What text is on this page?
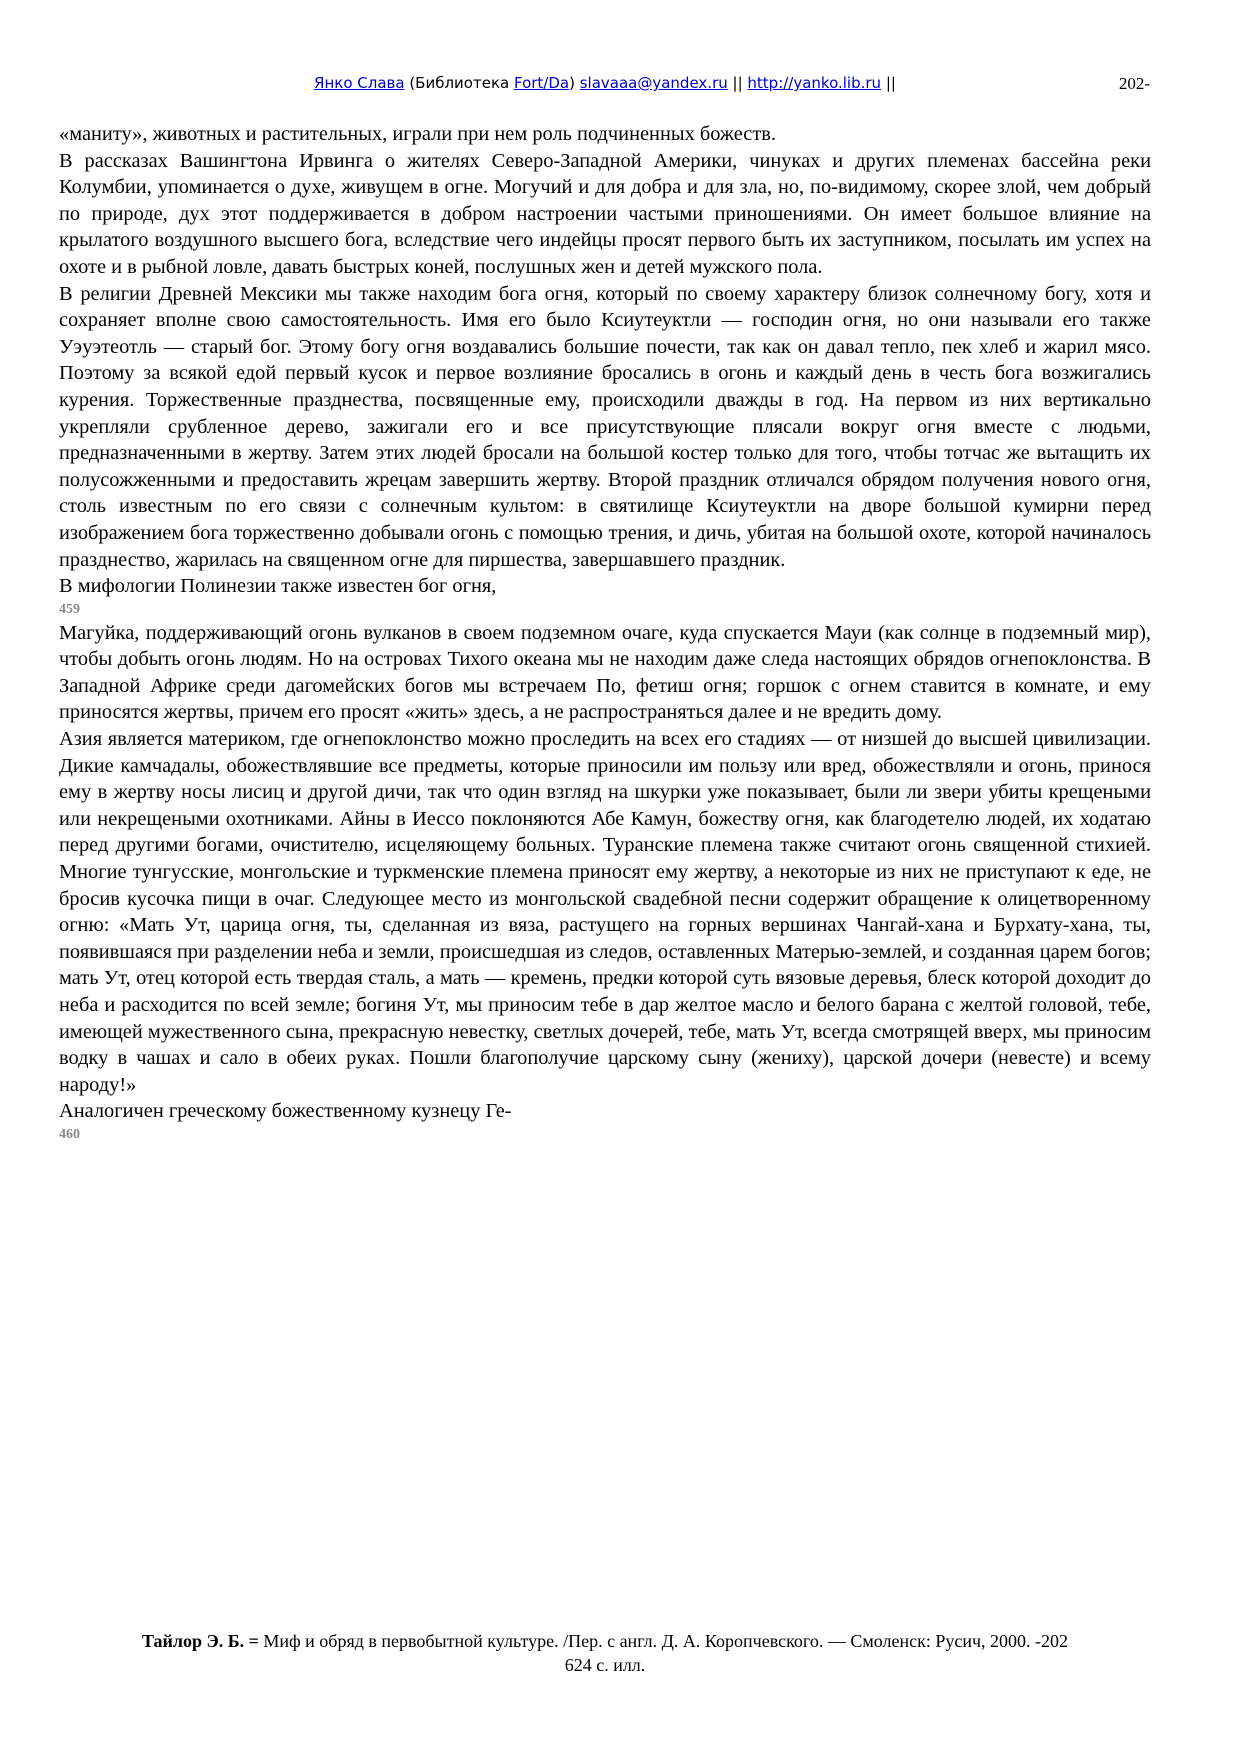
Янко Слава (Библиотека Fort/Da) slavaaa@yandex.ru || http://yanko.lib.ru ||	202-

«маниту», животных и растительных, играли при нем роль подчиненных божеств.

В рассказах Вашингтона Ирвинга о жителях Северо-Западной Америки, чинуках и других племенах бассейна реки Колумбии, упоминается о духе, живущем в огне. Могучий и для добра и для зла, но, по-видимому, скорее злой, чем добрый по природе, дух этот поддерживается в добром настроении частыми приношениями. Он имеет большое влияние на крылатого воздушного высшего бога, вследствие чего индейцы просят первого быть их заступником, посылать им успех на охоте и в рыбной ловле, давать быстрых коней, послушных жен и детей мужского пола.

В религии Древней Мексики мы также находим бога огня, который по своему характеру близок солнечному богу, хотя и сохраняет вполне свою самостоятельность. Имя его было Ксиутеуктли — господин огня, но они называли его также Уэуэтеотль — старый бог. Этому богу огня воздавались большие почести, так как он давал тепло, пек хлеб и жарил мясо. Поэтому за всякой едой первый кусок и первое возлияние бросались в огонь и каждый день в честь бога возжигались курения. Торжественные празднества, посвященные ему, происходили дважды в год. На первом из них вертикально укрепляли срубленное дерево, зажигали его и все присутствующие плясали вокруг огня вместе с людьми, предназначенными в жертву. Затем этих людей бросали на большой костер только для того, чтобы тотчас же вытащить их полусожженными и предоставить жрецам завершить жертву. Второй праздник отличался обрядом получения нового огня, столь известным по его связи с солнечным культом: в святилище Ксиутеуктли на дворе большой кумирни перед изображением бога торжественно добывали огонь с помощью трения, и дичь, убитая на большой охоте, которой начиналось празднество, жарилась на священном огне для пиршества, завершавшего праздник.

В мифологии Полинезии также известен бог огня,

459

Магуйка, поддерживающий огонь вулканов в своем подземном очаге, куда спускается Мауи (как солнце в подземный мир), чтобы добыть огонь людям. Но на островах Тихого океана мы не находим даже следа настоящих обрядов огнепоклонства. В Западной Африке среди дагомейских богов мы встречаем По, фетиш огня; горшок с огнем ставится в комнате, и ему приносятся жертвы, причем его просят «жить» здесь, а не распространяться далее и не вредить дому.

Азия является материком, где огнепоклонство можно проследить на всех его стадиях — от низшей до высшей цивилизации. Дикие камчадалы, обожествлявшие все предметы, которые приносили им пользу или вред, обожествляли и огонь, принося ему в жертву носы лисиц и другой дичи, так что один взгляд на шкурки уже показывает, были ли звери убиты крещеными или некрещеными охотниками. Айны в Иессо поклоняются Абе Камун, божеству огня, как благодетелю людей, их ходатаю перед другими богами, очистителю, исцеляющему больных. Туранские племена также считают огонь священной стихией. Многие тунгусские, монгольские и туркменские племена приносят ему жертву, а некоторые из них не приступают к еде, не бросив кусочка пищи в очаг. Следующее место из монгольской свадебной песни содержит обращение к олицетворенному огню: «Мать Ут, царица огня, ты, сделанная из вяза, растущего на горных вершинах Чангай-хана и Бурхату-хана, ты, появившаяся при разделении неба и земли, происшедшая из следов, оставленных Матерью-землей, и созданная царем богов; мать Ут, отец которой есть твердая сталь, а мать — кремень, предки которой суть вязовые деревья, блеск которой доходит до неба и расходится по всей земле; богиня Ут, мы приносим тебе в дар желтое масло и белого барана с желтой головой, тебе, имеющей мужественного сына, прекрасную невестку, светлых дочерей, тебе, мать Ут, всегда смотрящей вверх, мы приносим водку в чашах и сало в обеих руках. Пошли благополучие царскому сыну (жениху), царской дочери (невесте) и всему народу!»

Аналогичен греческому божественному кузнецу Ге-

460

Тайлор Э. Б. = Миф и обряд в первобытной культуре. /Пер. с англ. Д. А. Коропчевского. — Смоленск: Русич, 2000. -202
624 с. илл.
